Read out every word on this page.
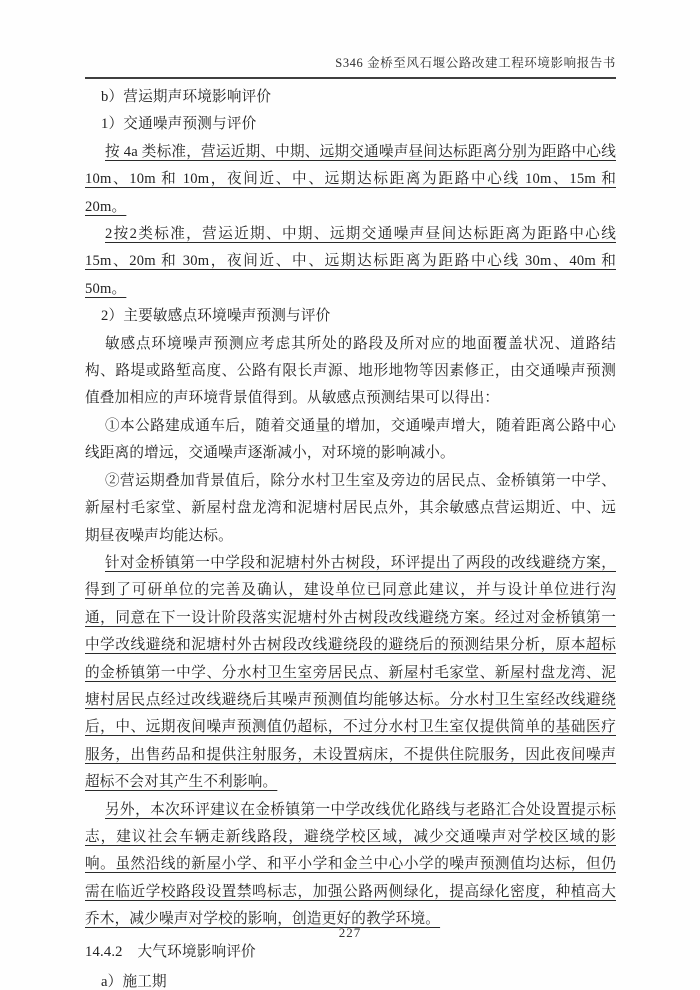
S346 金桥至风石堰公路改建工程环境影响报告书

b）营运期声环境影响评价

1）交通噪声预测与评价

按 4a 类标准，营运近期、中期、远期交通噪声昼间达标距离分别为距路中心线 10m、10m 和 10m，夜间近、中、远期达标距离为距路中心线 10m、15m 和 20m。

2按2类标准，营运近期、中期、远期交通噪声昼间达标距离为距路中心线15m、20m 和 30m，夜间近、中、远期达标距离为距路中心线 30m、40m 和 50m。

2）主要敏感点环境噪声预测与评价

敏感点环境噪声预测应考虑其所处的路段及所对应的地面覆盖状况、道路结构、路堤或路堑高度、公路有限长声源、地形地物等因素修正，由交通噪声预测值叠加相应的声环境背景值得到。从敏感点预测结果可以得出：

①本公路建成通车后，随着交通量的增加，交通噪声增大，随着距离公路中心线距离的增远，交通噪声逐渐减小，对环境的影响减小。

②营运期叠加背景值后，除分水村卫生室及旁边的居民点、金桥镇第一中学、新屋村毛家堂、新屋村盘龙湾和泥塘村居民点外，其余敏感点营运期近、中、远期昼夜噪声均能达标。

针对金桥镇第一中学段和泥塘村外古树段，环评提出了两段的改线避绕方案，得到了可研单位的完善及确认，建设单位已同意此建议，并与设计单位进行沟通，同意在下一设计阶段落实泥塘村外古树段改线避绕方案。经过对金桥镇第一中学改线避绕和泥塘村外古树段改线避绕段的避绕后的预测结果分析，原本超标的金桥镇第一中学、分水村卫生室旁居民点、新屋村毛家堂、新屋村盘龙湾、泥塘村居民点经过改线避绕后其噪声预测值均能够达标。分水村卫生室经改线避绕后，中、远期夜间噪声预测值仍超标，不过分水村卫生室仅提供简单的基础医疗服务，出售药品和提供注射服务，未设置病床，不提供住院服务，因此夜间噪声超标不会对其产生不利影响。

另外，本次环评建议在金桥镇第一中学改线优化路线与老路汇合处设置提示标志，建议社会车辆走新线路段，避绕学校区域，减少交通噪声对学校区域的影响。虽然沿线的新屋小学、和平小学和金兰中心小学的噪声预测值均达标，但仍需在临近学校路段设置禁鸣标志，加强公路两侧绿化，提高绿化密度，种植高大乔木，减少噪声对学校的影响，创造更好的教学环境。

14.4.2　大气环境影响评价

a）施工期

227
